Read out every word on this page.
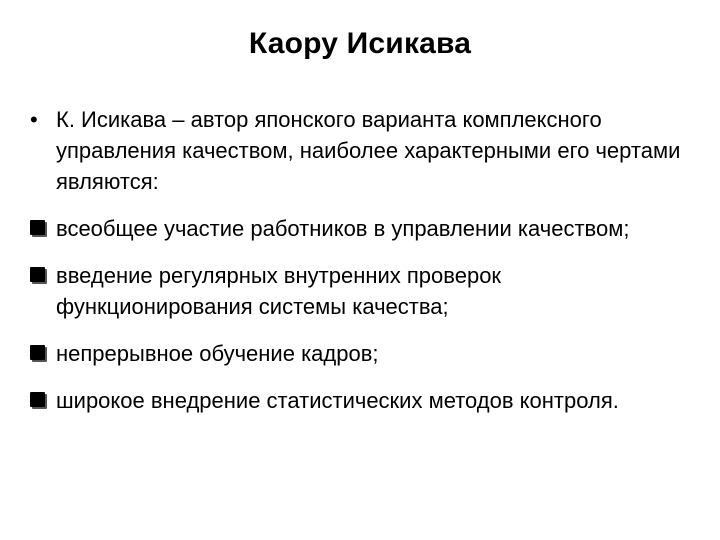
Каору Исикава
• К. Исикава – автор японского варианта комплексного управления качеством, наиболее характерными его чертами являются:
всеобщее участие работников в управлении качеством;
введение регулярных внутренних проверок функционирования системы качества;
непрерывное обучение кадров;
широкое внедрение статистических методов контроля.
